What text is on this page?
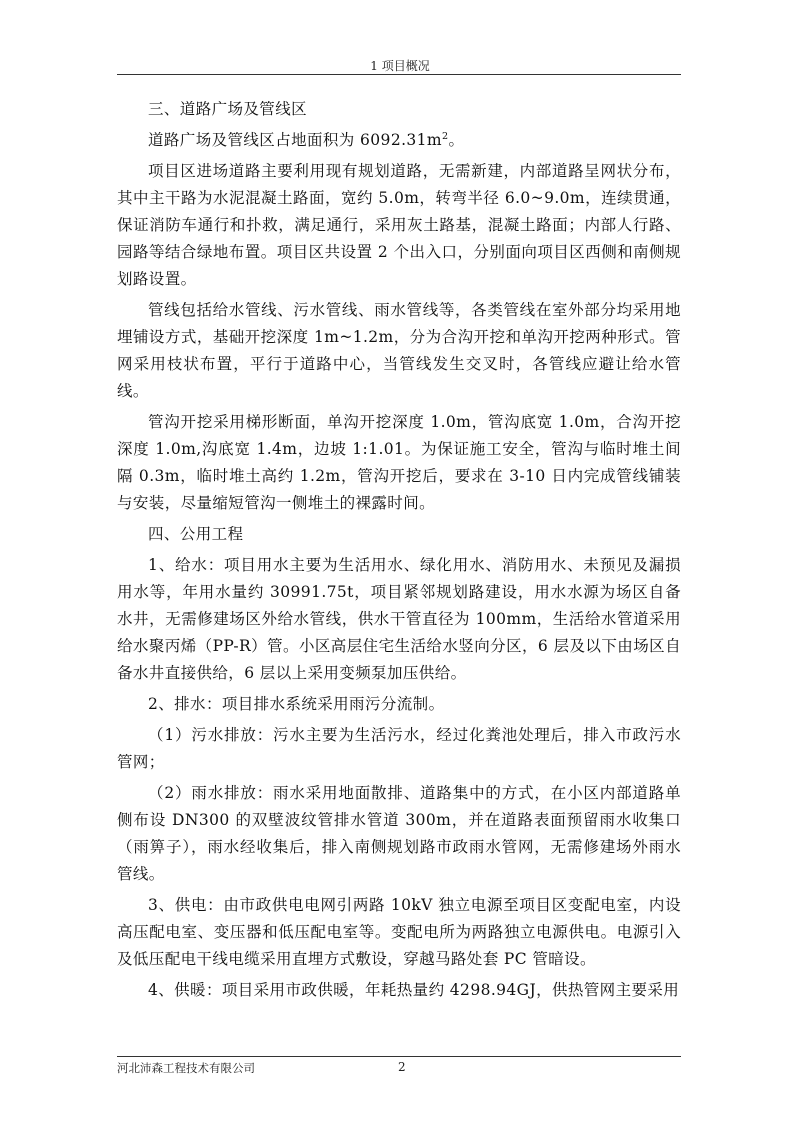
1 项目概况

三、道路广场及管线区

道路广场及管线区占地面积为 $6092.31m^2$。

项目区进场道路主要利用现有规划道路，无需新建，内部道路呈网状分布，其中主干路为水泥混凝土路面，宽约 5.0m，转弯半径 6.0~9.0m，连续贯通，保证消防车通行和扑救，满足通行，采用灰土路基，混凝土路面；内部人行路、园路等结合绿地布置。项目区共设置 2 个出入口，分别面向项目区西侧和南侧规划路设置。

管线包括给水管线、污水管线、雨水管线等，各类管线在室外部分均采用地埋铺设方式，基础开挖深度 1m~1.2m，分为合沟开挖和单沟开挖两种形式。管网采用枝状布置，平行于道路中心，当管线发生交叉时，各管线应避让给水管线。

管沟开挖采用梯形断面，单沟开挖深度 1.0m，管沟底宽 1.0m，合沟开挖深度 1.0m,沟底宽 1.4m，边坡 1:1.01。为保证施工安全，管沟与临时堆土间隔 0.3m，临时堆土高约 1.2m，管沟开挖后，要求在 3-10 日内完成管线铺装与安装，尽量缩短管沟一侧堆土的裸露时间。

四、公用工程

1、给水：项目用水主要为生活用水、绿化用水、消防用水、未预见及漏损用水等，年用水量约 30991.75t，项目紧邻规划路建设，用水水源为场区自备水井，无需修建场区外给水管线，供水干管直径为 100mm，生活给水管道采用给水聚丙烯（PP-R）管。小区高层住宅生活给水竖向分区，6 层及以下由场区自备水井直接供给，6 层以上采用变频泵加压供给。

2、排水：项目排水系统采用雨污分流制。

（1）污水排放：污水主要为生活污水，经过化粪池处理后，排入市政污水管网；

（2）雨水排放：雨水采用地面散排、道路集中的方式，在小区内部道路单侧布设 DN300 的双壁波纹管排水管道 300m，并在道路表面预留雨水收集口（雨箅子），雨水经收集后，排入南侧规划路市政雨水管网，无需修建场外雨水管线。

3、供电：由市政供电电网引两路 10kV 独立电源至项目区变配电室，内设高压配电室、变压器和低压配电室等。变配电所为两路独立电源供电。电源引入及低压配电干线电缆采用直埋方式敷设，穿越马路处套 PC 管暗设。

4、供暖：项目采用市政供暖，年耗热量约 4298.94GJ，供热管网主要采用

河北沛森工程技术有限公司	2
